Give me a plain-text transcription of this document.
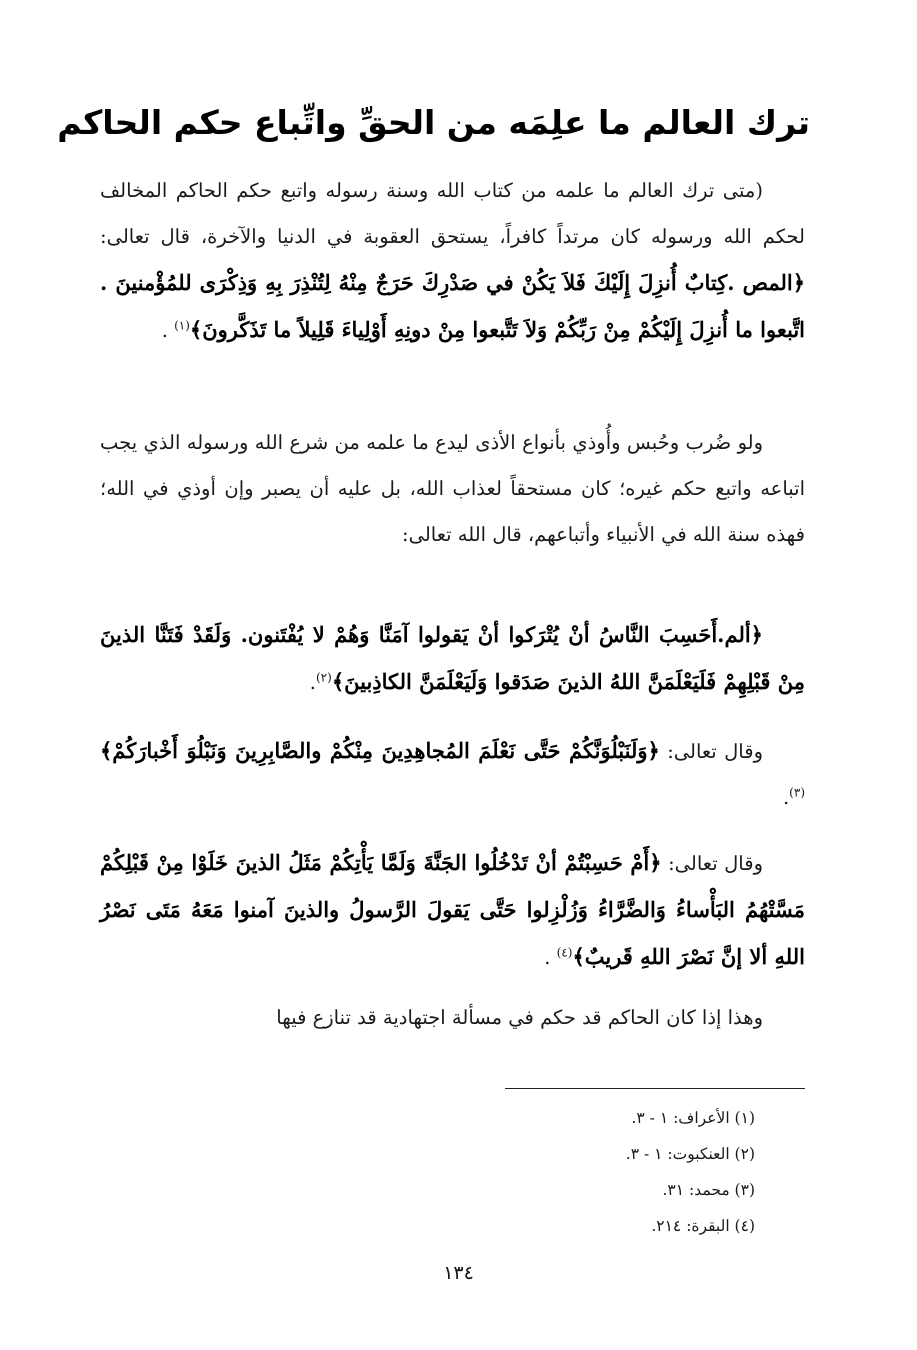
ترك العالم ما علِمَه من الحقِّ واتِّباع حكم الحاكم
(متى ترك العالم ما علمه من كتاب الله وسنة رسوله واتبع حكم الحاكم المخالف لحكم الله ورسوله كان مرتداً كافراً، يستحق العقوبة في الدنيا والآخرة، قال تعالى: ﴿المص .كِتابٌ أُنزِلَ إِلَيْكَ فَلاَ يَكُنْ في صَدْرِكَ حَرَجٌ مِنْهُ لِتُنْذِرَ بِهِ وَذِكْرَى للمُؤْمنينَ . اتَّبعوا ما أُنزِلَ إِلَيْكُمْ مِنْ رَبِّكُمْ وَلاَ تَتَّبعوا مِنْ دونِهِ أَوْلِياءَ قَلِيلاً ما تَذَكَّرونَ﴾$^{(١)}$ .
ولو ضُرب وحُبس وأُوذي بأنواع الأذى ليدع ما علمه من شرع الله ورسوله الذي يجب اتباعه واتبع حكم غيره؛ كان مستحقاً لعذاب الله، بل عليه أن يصبر وإن أوذي في الله؛ فهذه سنة الله في الأنبياء وأتباعهم، قال الله تعالى:
﴿ألم.أَحَسِبَ النَّاسُ أنْ يُتْرَكوا أنْ يَقولوا آمَنَّا وَهُمْ لا يُفْتَنون. وَلَقَدْ فَتَنَّا الذينَ مِنْ قَبْلِهِمْ فَلَيَعْلَمَنَّ اللهُ الذينَ صَدَقوا وَلَيَعْلَمَنَّ الكاذِبينَ﴾$^{(٢)}$.
وقال تعالى: ﴿وَلَنَبْلُوَنَّكُمْ حَتَّى نَعْلَمَ المُجاهِدِينَ مِنْكُمْ والصَّابِرِينَ وَنَبْلُوَ أَخْبارَكُمْ﴾$^{(٣)}$.
وقال تعالى: ﴿أَمْ حَسِبْتُمْ أنْ تَدْخُلُوا الجَنَّةَ وَلَمَّا يَأْتِكُمْ مَثَلُ الذينَ خَلَوْا مِنْ قَبْلِكُمْ مَسَّتْهُمُ البَأْساءُ وَالضَّرَّاءُ وَزُلْزِلوا حَتَّى يَقولَ الرَّسولُ والذينَ آمنوا مَعَهُ مَتَى نَصْرُ اللهِ ألا إنَّ نَصْرَ اللهِ قَريبٌ﴾$^{(٤)}$ .
وهذا إذا كان الحاكم قد حكم في مسألة اجتهادية قد تنازع فيها
(١) الأعراف: ١ - ٣.
(٢) العنكبوت: ١ - ٣.
(٣) محمد: ٣١.
(٤) البقرة: ٢١٤.
١٣٤
